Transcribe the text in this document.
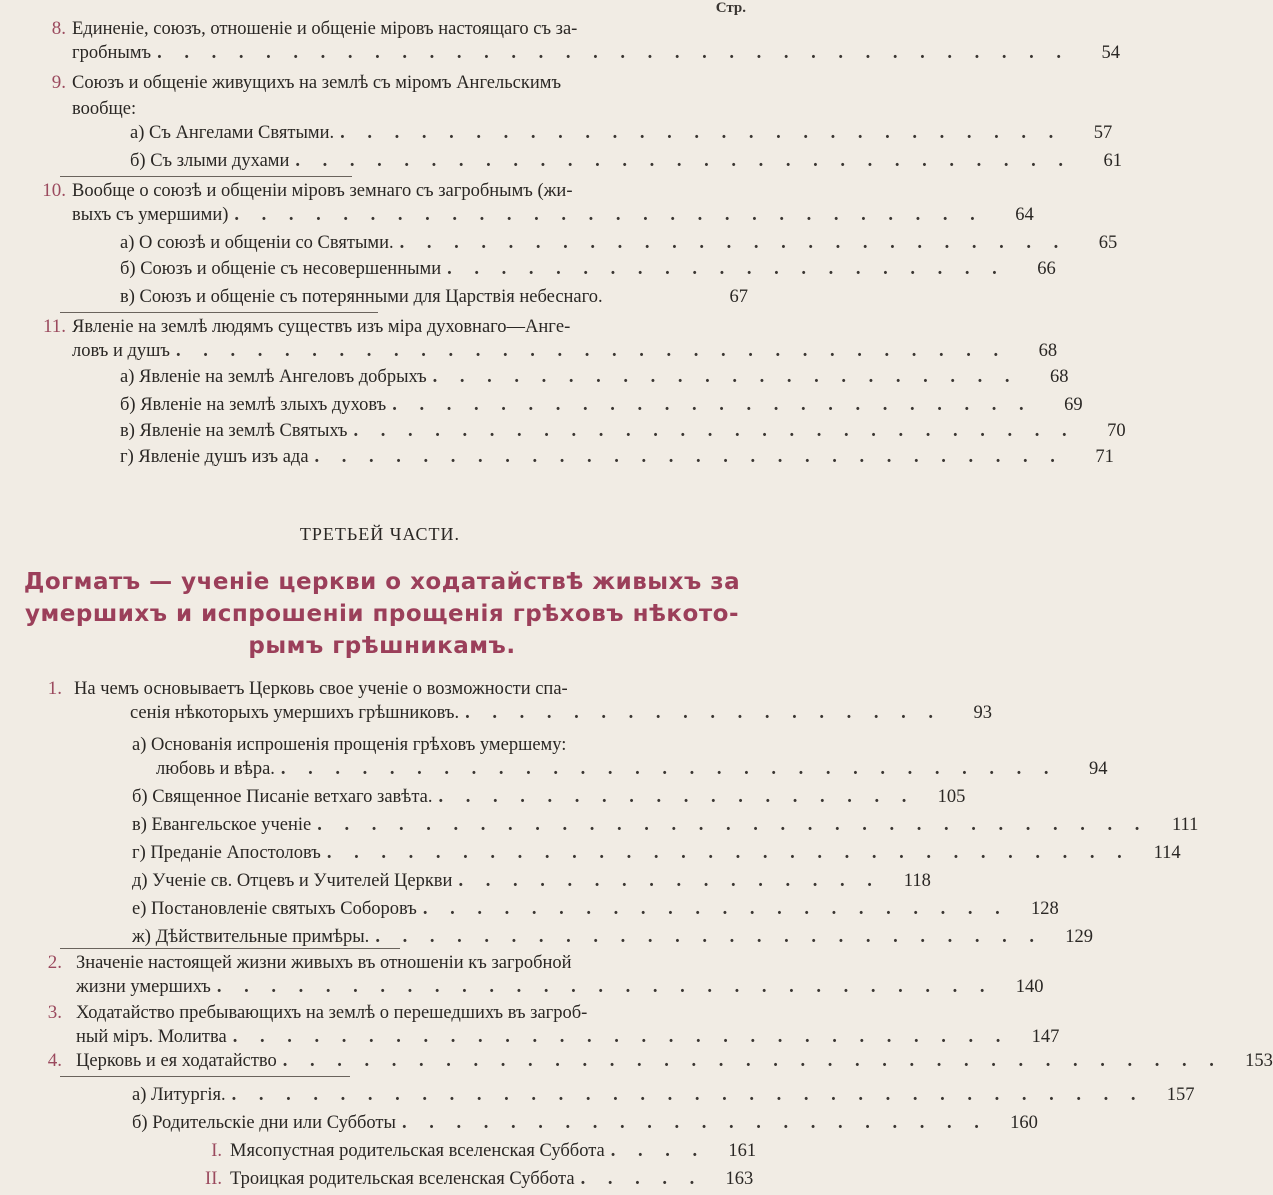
Стр.
8. Единеніе, союзъ, отношеніе и общеніе міровъ настоящаго съ за-
гробнымъ . . . . . . . . . . . . . . . . . . . . . . . . . . . . . . . . . .	54
9. Союзъ и общеніе живущихъ на землѣ съ міромъ Ангельскимъ
вообще:
а) Съ Ангелами Святыми. . . . . . . . . . . . . . . . . . . . . . . . . . . .	57
б) Съ злыми духами . . . . . . . . . . . . . . . . . . . . . . . . . . . . .	61
10. Вообще о союзѣ и общеніи міровъ земнаго съ загробнымъ (жи-
выхъ съ умершими) . . . . . . . . . . . . . . . . . . . . . . . . . . . .	64
а) О союзѣ и общеніи со Святыми. . . . . . . . . . . . . . . . . . . . . . . . . .	65
б) Союзъ и общеніе съ несовершенными . . . . . . . . . . . . . . . . . . . . .	66
в) Союзъ и общеніе съ потерянными для Царствія небеснаго.	67
11. Явленіе на землѣ людямъ существъ изъ міра духовнаго—Ангe-
ловъ и душъ . . . . . . . . . . . . . . . . . . . . . . . . . . . . . . .	68
а) Явленіе на землѣ Ангеловъ добрыхъ . . . . . . . . . . . . . . . . . . . . . .	68
б) Явленіе на землѣ злыхъ духовъ . . . . . . . . . . . . . . . . . . . . . . . .	69
в) Явленіе на землѣ Святыхъ . . . . . . . . . . . . . . . . . . . . . . . . . . .	70
г) Явленіе душъ изъ ада . . . . . . . . . . . . . . . . . . . . . . . . . . . .	71
ТРЕТЬЕЙ ЧАСТИ.
Догматъ — ученіе церкви о ходатайствѣ живыхъ за
умершихъ и испрошеніи прощенія грѣховъ нѣкото-
рымъ грѣшникамъ.
1. На чемъ основываетъ Церковь свое ученіе о возможности спа-
сенія нѣкоторыхъ умершихъ грѣшниковъ. . . . . . . . . . . . . . . . . . .	93
а) Основанія испрошенія прощенія грѣховъ умершему:
любовь и вѣра. . . . . . . . . . . . . . . . . . . . . . . . . . . . . .	94
б) Священное Писаніе ветхаго завѣта. . . . . . . . . . . . . . . . . . .	105
в) Евангельское ученіе . . . . . . . . . . . . . . . . . . . . . . . . . . . . . . .	111
г) Преданіе Апостоловъ . . . . . . . . . . . . . . . . . . . . . . . . . . . . . .	114
д) Ученіе св. Отцевъ и Учителей Церкви . . . . . . . . . . . . . . . .	118
е) Постановленіе святыхъ Соборовъ . . . . . . . . . . . . . . . . . . . . . .	128
ж) Дѣйствительные примѣры. . . . . . . . . . . . . . . . . . . . . . . . . .	129
2. Значеніе настоящей жизни живыхъ въ отношеніи къ загробной
жизни умершихъ . . . . . . . . . . . . . . . . . . . . . . . . . . . . .	140
3. Ходатайство пребывающихъ на землѣ о перешедшихъ въ загроб-
ный міръ. Молитва . . . . . . . . . . . . . . . . . . . . . . . . . . . . .	147
4. Церковь и ея ходатайство . . . . . . . . . . . . . . . . . . . . . . . . . . . . . . . . . . .	153
а) Литургія. . . . . . . . . . . . . . . . . . . . . . . . . . . . . . . . . . .	157
б) Родительскіе дни или Субботы . . . . . . . . . . . . . . . . . . . . . .	160
I. Мясопустная родительская вселенская Суббота . . . .	161
II. Троицкая родительская вселенская Суббота . . . . .	163
